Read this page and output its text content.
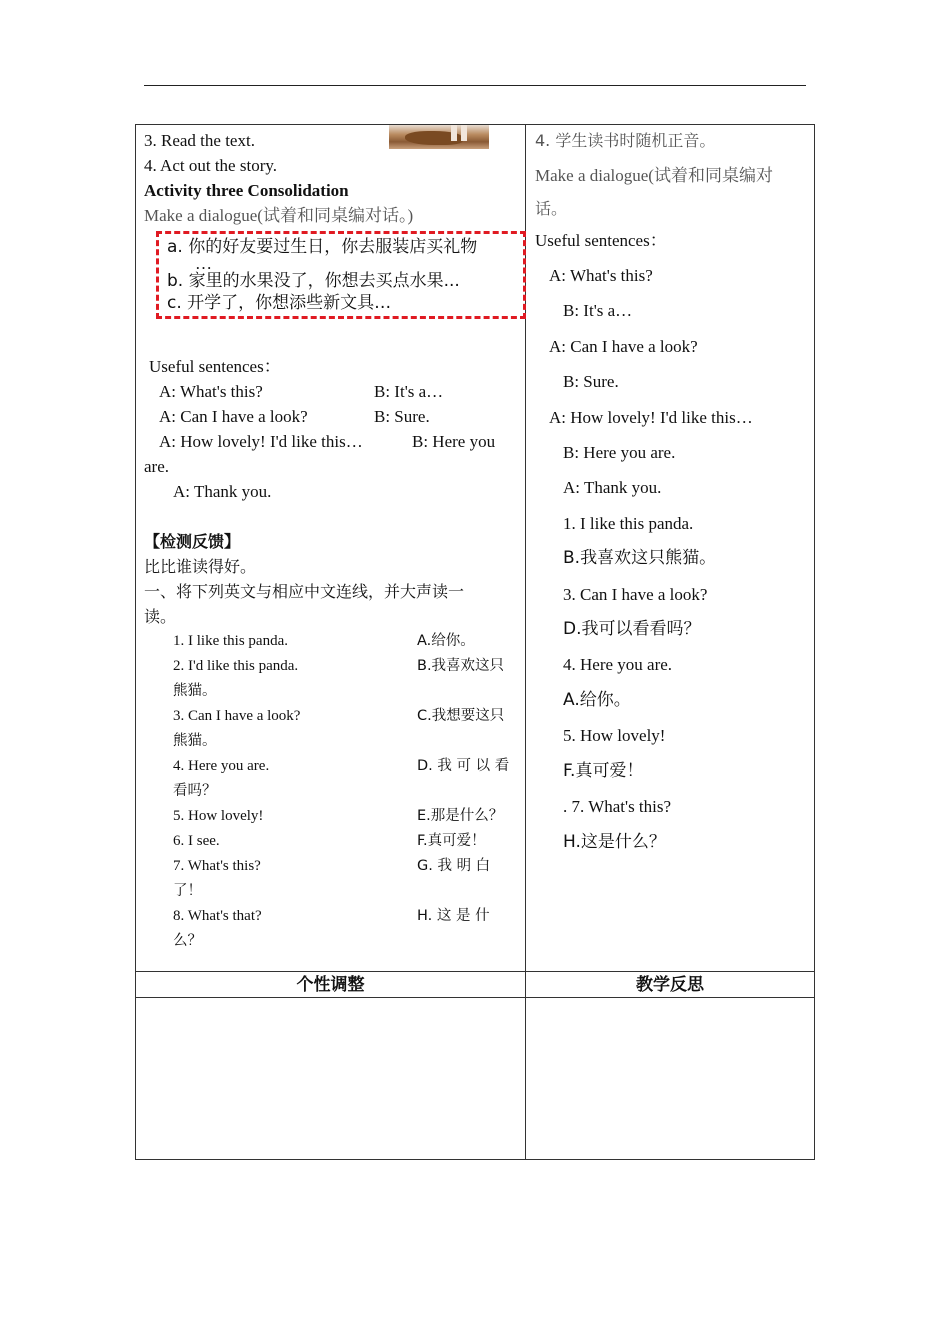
3. Read the text.
4. Act out the story.
Activity three Consolidation
Make a dialogue(试着和同桌编对话。)
Useful sentences：
A: What's this?	B: It's a…
A: Can I have a look?	B: Sure.
A: How lovely! I'd like this…	B: Here you
are.
A: Thank you.
【检测反馈】
比比谁读得好。
一、将下列英文与相应中文连线，并大声读一
读。
1. I like this panda.	A.给你。
2. I'd like this panda.	B.我喜欢这只
熊猫。
3. Can I have a look?	C.我想要这只
熊猫。
4. Here you are.	D. 我 可 以 看
看吗？
5. How lovely!	E.那是什么？
6. I see.	F.真可爱！
7. What's this?	G. 我 明 白
了！
8. What's that?	H. 这 是 什
么？
a. 你的好友要过生日，你去服装店买礼物
…
b. 家里的水果没了，你想去买点水果...
c. 开学了，你想添些新文具…
4. 学生读书时随机正音。
Make a dialogue(试着和同桌编对
话。
Useful sentences：
A: What's this?
B: It's a…
A: Can I have a look?
B: Sure.
A: How lovely! I'd like this…
B: Here you are.
A: Thank you.
1. I like this panda.
B.我喜欢这只熊猫。
3. Can I have a look?
D.我可以看看吗？
4. Here you are.
A.给你。
5. How lovely!
F.真可爱！
. 7. What's this?
H.这是什么？
个性调整	教学反思
